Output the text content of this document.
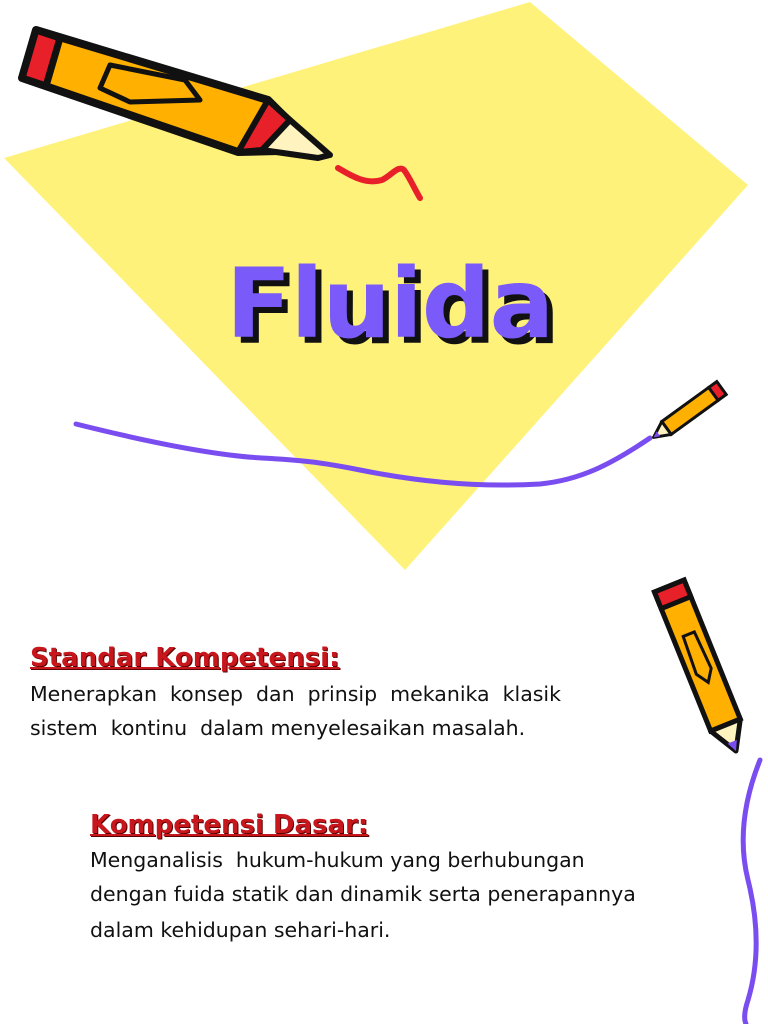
Fluida
Standar Kompetensi:

Menerapkan  konsep  dan  prinsip  mekanika  klasik

sistem  kontinu  dalam menyelesaikan masalah.

Kompetensi Dasar:

Menganalisis  hukum-hukum yang berhubungan

dengan fuida statik dan dinamik serta penerapannya

dalam kehidupan sehari-hari.
